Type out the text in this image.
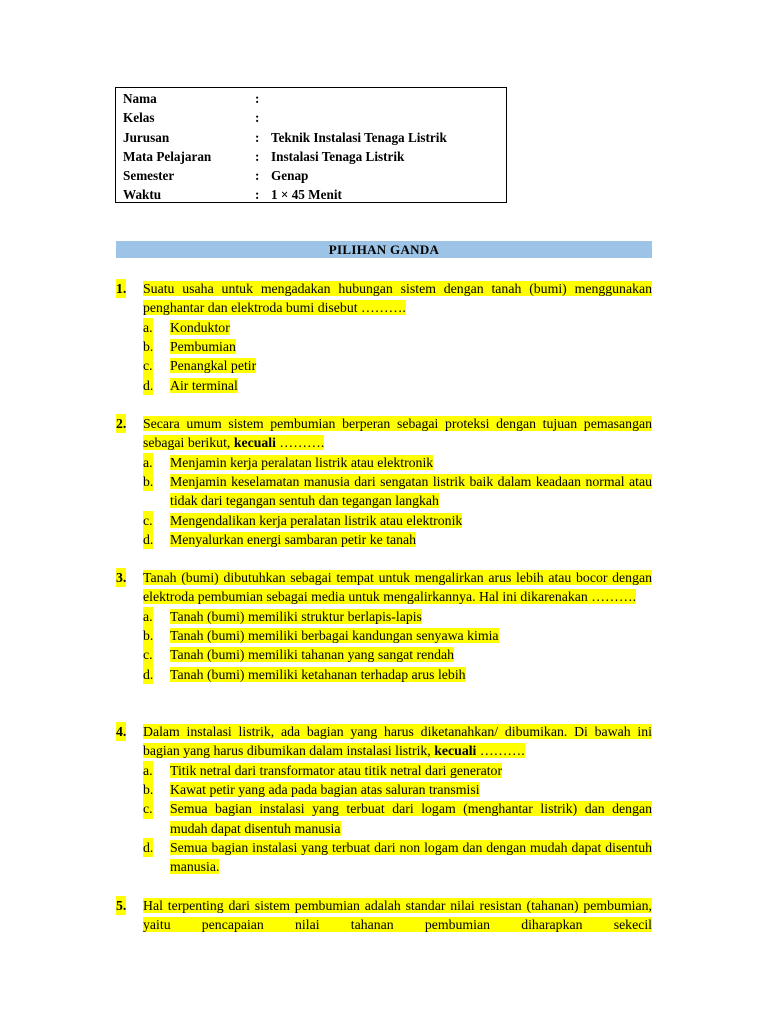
Nama	:
Kelas	:
Jurusan	: Teknik Instalasi Tenaga Listrik
Mata Pelajaran	: Instalasi Tenaga Listrik
Semester	: Genap
Waktu	: 1 × 45 Menit
PILIHAN GANDA
1. Suatu usaha untuk mengadakan hubungan sistem dengan tanah (bumi) menggunakan penghantar dan elektroda bumi disebut ……….
a. Konduktor
b. Pembumian
c. Penangkal petir
d. Air terminal
2. Secara umum sistem pembumian berperan sebagai proteksi dengan tujuan pemasangan sebagai berikut, kecuali ……….
a. Menjamin kerja peralatan listrik atau elektronik
b. Menjamin keselamatan manusia dari sengatan listrik baik dalam keadaan normal atau tidak dari tegangan sentuh dan tegangan langkah
c. Mengendalikan kerja peralatan listrik atau elektronik
d. Menyalurkan energi sambaran petir ke tanah
3. Tanah (bumi) dibutuhkan sebagai tempat untuk mengalirkan arus lebih atau bocor dengan elektroda pembumian sebagai media untuk mengalirkannya. Hal ini dikarenakan ……….
a. Tanah (bumi) memiliki struktur berlapis-lapis
b. Tanah (bumi) memiliki berbagai kandungan senyawa kimia
c. Tanah (bumi) memiliki tahanan yang sangat rendah
d. Tanah (bumi) memiliki ketahanan terhadap arus lebih
4. Dalam instalasi listrik, ada bagian yang harus diketanahkan/ dibumikan. Di bawah ini bagian yang harus dibumikan dalam instalasi listrik, kecuali ……….
a. Titik netral dari transformator atau titik netral dari generator
b. Kawat petir yang ada pada bagian atas saluran transmisi
c. Semua bagian instalasi yang terbuat dari logam (menghantar listrik) dan dengan mudah dapat disentuh manusia
d. Semua bagian instalasi yang terbuat dari non logam dan dengan mudah dapat disentuh manusia.
5. Hal terpenting dari sistem pembumian adalah standar nilai resistan (tahanan) pembumian, yaitu pencapaian nilai tahanan pembumian diharapkan sekecil
